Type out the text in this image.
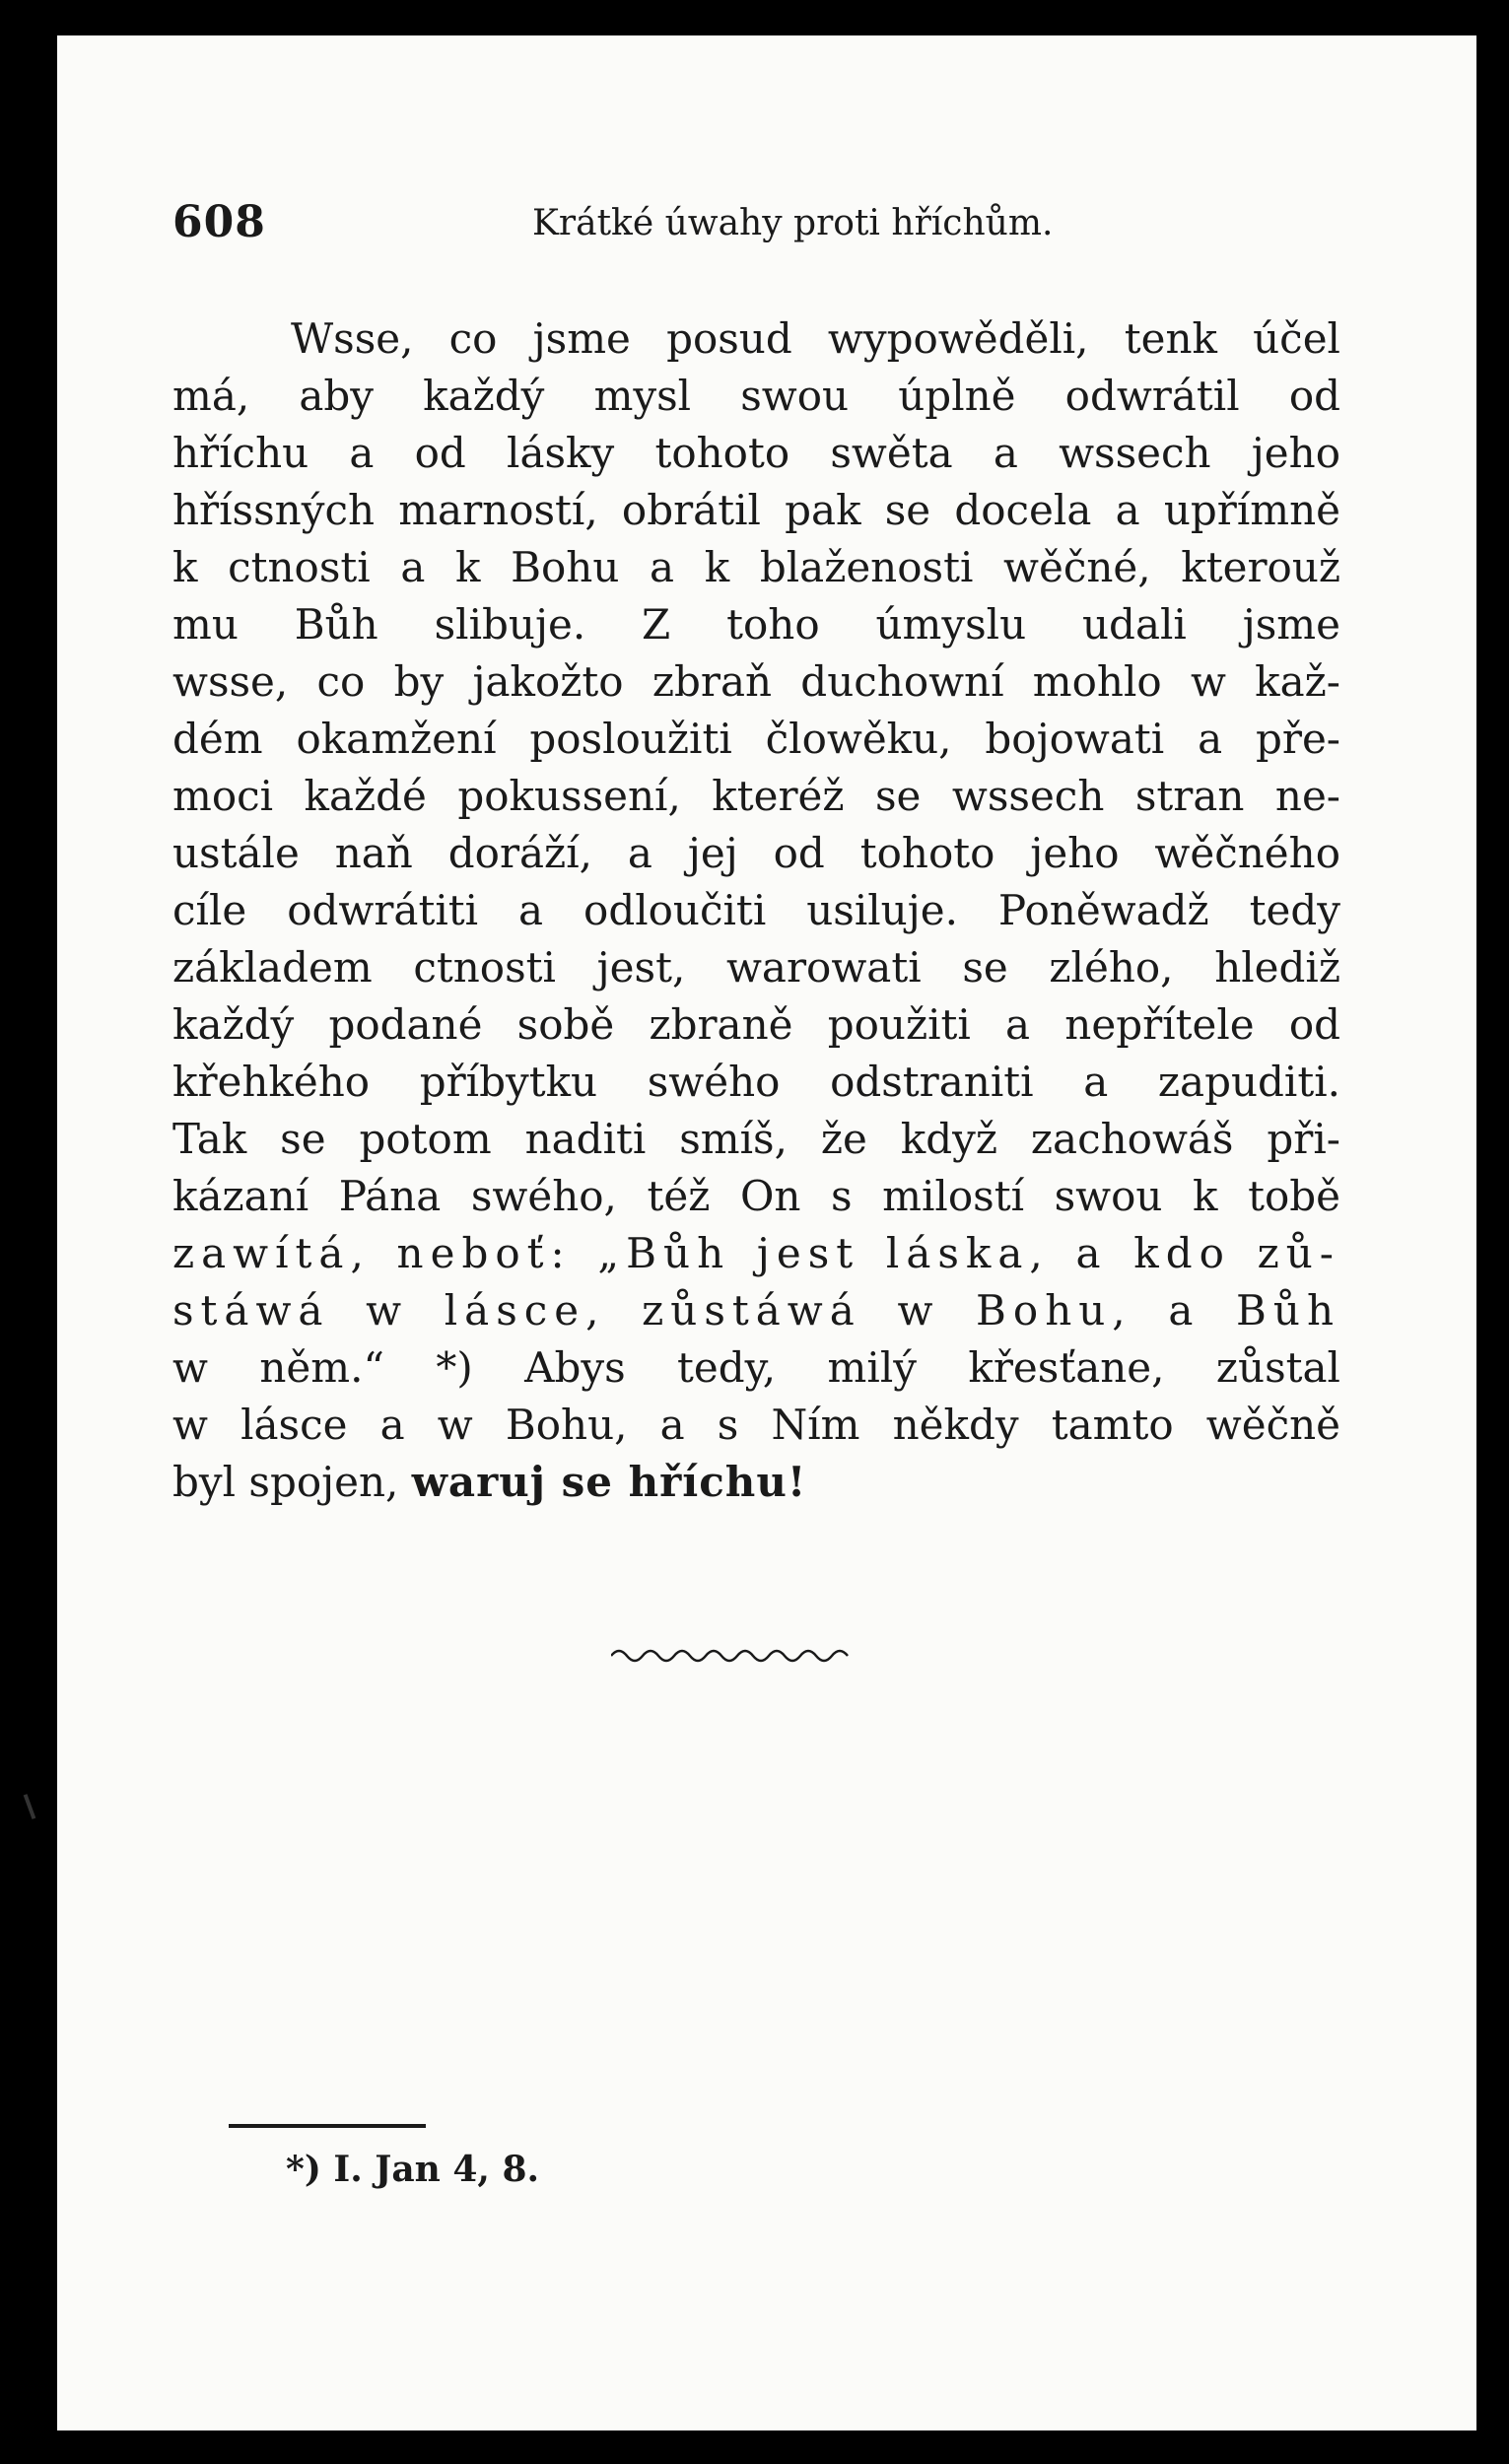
608	Krátké úwahy proti hříchům.
Wsse, co jsme posud wypowěděli, tenk účel
má, aby každý mysl swou úplně odwrátil od
hříchu a od lásky tohoto swěta a wssech jeho
hříssných marností, obrátil pak se docela a upřímně
k ctnosti a k Bohu a k blaženosti wěčné, kterouž
mu Bůh slibuje. Z toho úmyslu udali jsme
wsse, co by jakožto zbraň duchowní mohlo w kaž-
dém okamžení posloužiti člowěku, bojowati a pře-
moci každé pokussení, kteréž se wssech stran ne-
ustále naň doráží, a jej od tohoto jeho wěčného
cíle odwrátiti a odloučiti usiluje. Poněwadž tedy
základem ctnosti jest, warowati se zlého, hlediž
každý podané sobě zbraně použiti a nepřítele od
křehkého příbytku swého odstraniti a zapuditi.
Tak se potom naditi smíš, že když zachowáš při-
kázaní Pána swého, též On s milostí swou k tobě
zawítá, neboť: „Bůh jest láska, a kdo zů-
stáwá w lásce, zůstáwá w Bohu, a Bůh
w něm.“ *) Abys tedy, milý křesťane, zůstal
w lásce a w Bohu, a s Ním někdy tamto wěčně
byl spojen, waruj se hříchu!
*) I. Jan 4, 8.
